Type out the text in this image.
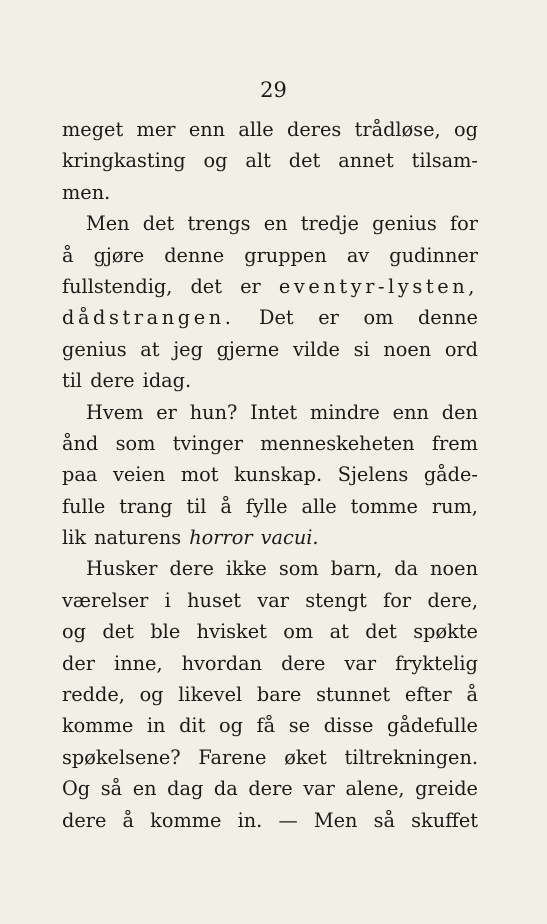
29
meget mer enn alle deres trådløse, og
kringkasting og alt det annet tilsam-
men.
Men det trengs en tredje genius for
å gjøre denne gruppen av gudinner
fullstendig, det er eventyr-lysten,
dådstrangen. Det er om denne
genius at jeg gjerne vilde si noen ord
til dere idag.
Hvem er hun? Intet mindre enn den
ånd som tvinger menneskeheten frem
paa veien mot kunskap. Sjelens gåde-
fulle trang til å fylle alle tomme rum,
lik naturens horror vacui.
Husker dere ikke som barn, da noen
værelser i huset var stengt for dere,
og det ble hvisket om at det spøkte
der inne, hvordan dere var fryktelig
redde, og likevel bare stunnet efter å
komme in dit og få se disse gådefulle
spøkelsene? Farene øket tiltrekningen.
Og så en dag da dere var alene, greide
dere å komme in. — Men så skuffet
